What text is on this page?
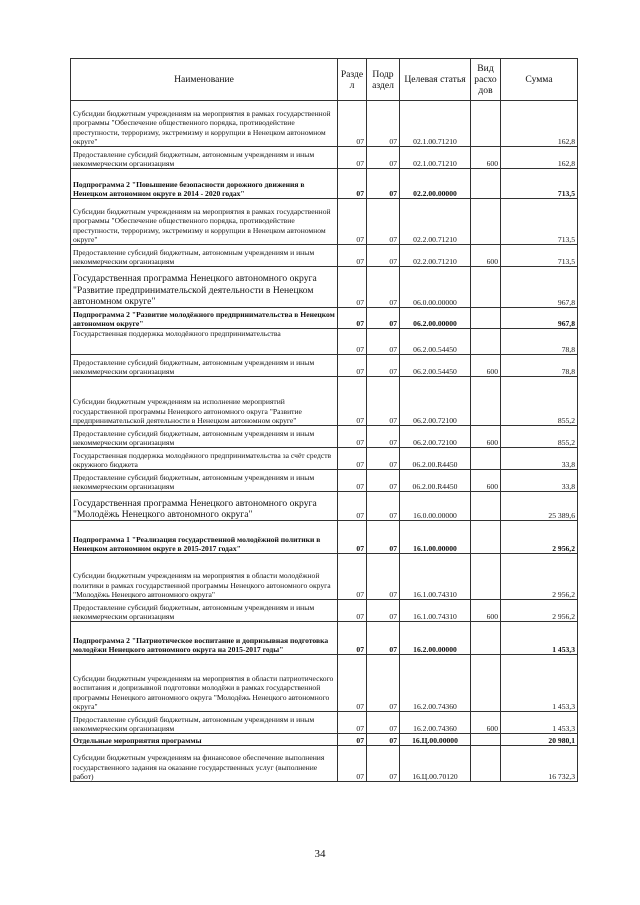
Наименование	Разде л	Подр аздел	Целевая статья	Вид расхо дов	Сумма
Субсидии бюджетным учреждениям на мероприятия в рамках государственной программы "Обеспечение общественного порядка, противодействие преступности, терроризму, экстремизму и коррупции в Ненецком автономном округе"	07	07	02.1.00.71210		162,8
Предоставление субсидий бюджетным, автономным учреждениям и иным некоммерческим организациям	07	07	02.1.00.71210	600	162,8
Подпрограмма 2 "Повышение безопасности дорожного движения в Ненецком автономном округе в 2014 - 2020 годах"	07	07	02.2.00.00000		713,5
Субсидии бюджетным учреждениям на мероприятия в рамках государственной программы "Обеспечение общественного порядка, противодействие преступности, терроризму, экстремизму и коррупции в Ненецком автономном округе"	07	07	02.2.00.71210		713,5
Предоставление субсидий бюджетным, автономным учреждениям и иным некоммерческим организациям	07	07	02.2.00.71210	600	713,5
Государственная программа Ненецкого автономного округа "Развитие предпринимательской деятельности в Ненецком автономном округе"	07	07	06.0.00.00000		967,8
Подпрограмма 2 "Развитие молодёжного предпринимательства в Ненецком автономном округе"	07	07	06.2.00.00000		967,8
Государственная поддержка молодёжного предпринимательства	07	07	06.2.00.54450		78,8
Предоставление субсидий бюджетным, автономным учреждениям и иным некоммерческим организациям	07	07	06.2.00.54450	600	78,8
Субсидии бюджетным учреждениям на исполнение мероприятий государственной программы Ненецкого автономного округа "Развитие предпринимательской деятельности в Ненецком автономном округе"	07	07	06.2.00.72100		855,2
Предоставление субсидий бюджетным, автономным учреждениям и иным некоммерческим организациям	07	07	06.2.00.72100	600	855,2
Государственная поддержка молодёжного предпринимательства за счёт средств окружного бюджета	07	07	06.2.00.R4450		33,8
Предоставление субсидий бюджетным, автономным учреждениям и иным некоммерческим организациям	07	07	06.2.00.R4450	600	33,8
Государственная программа Ненецкого автономного округа "Молодёжь Ненецкого автономного округа"	07	07	16.0.00.00000		25 389,6
Подпрограмма 1 "Реализация государственной молодёжной политики в Ненецком автономном округе в 2015-2017 годах"	07	07	16.1.00.00000		2 956,2
Субсидии бюджетным учреждениям на мероприятия в области молодёжной политики в рамках государственной программы Ненецкого автономного округа "Молодёжь Ненецкого автономного округа"	07	07	16.1.00.74310		2 956,2
Предоставление субсидий бюджетным, автономным учреждениям и иным некоммерческим организациям	07	07	16.1.00.74310	600	2 956,2
Подпрограмма 2 "Патриотическое воспитание и допризывная подготовка молодёжи Ненецкого автономного округа на 2015-2017 годы"	07	07	16.2.00.00000		1 453,3
Субсидии бюджетным учреждениям на мероприятия в области патриотического воспитания и допризывной подготовки молодёжи в рамках государственной программы Ненецкого автономного округа "Молодёжь Ненецкого автономного округа"	07	07	16.2.00.74360		1 453,3
Предоставление субсидий бюджетным, автономным учреждениям и иным некоммерческим организациям	07	07	16.2.00.74360	600	1 453,3
Отдельные мероприятия программы	07	07	16.Ц.00.00000		20 980,1
Субсидии бюджетным учреждениям на финансовое обеспечение выполнения государственного задания на оказание государственных услуг (выполнение работ)	07	07	16.Ц.00.70120		16 732,3
34
